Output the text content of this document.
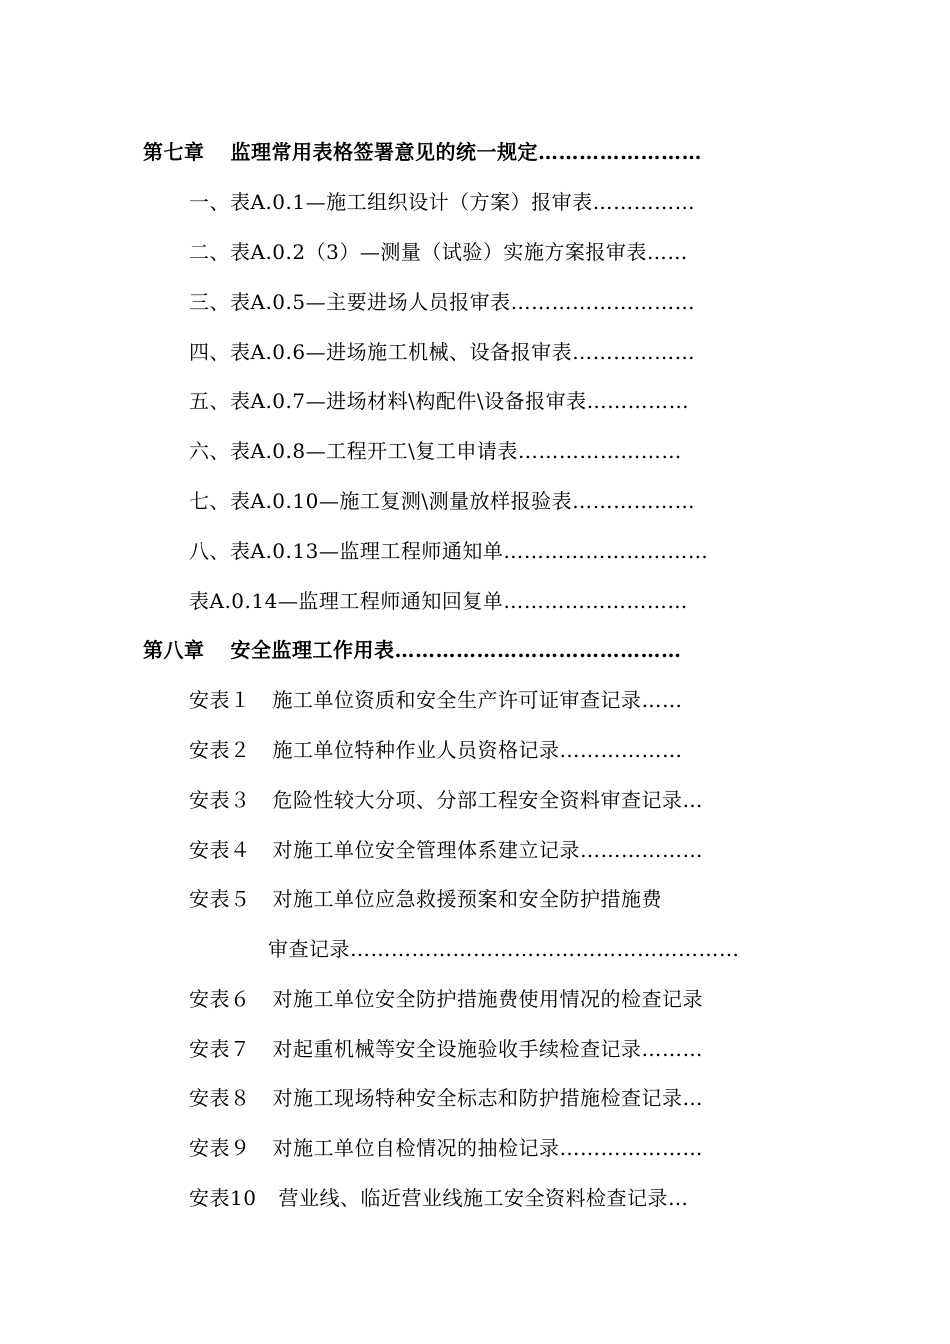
第七章 监理常用表格签署意见的统一规定……………………
一、表A.0.1—施工组织设计（方案）报审表……………
二、表A.0.2（3）—测量（试验）实施方案报审表……
三、表A.0.5—主要进场人员报审表………………………
四、表A.0.6—进场施工机械、设备报审表………………
五、表A.0.7—进场材料\构配件\设备报审表……………
六、表A.0.8—工程开工\复工申请表……………………
七、表A.0.10—施工复测\测量放样报验表………………
八、表A.0.13—监理工程师通知单…………………………
表A.0.14—监理工程师通知回复单………………………
第八章 安全监理工作用表……………………………………
安表１ 施工单位资质和安全生产许可证审查记录……
安表２ 施工单位特种作业人员资格记录………………
安表３ 危险性较大分项、分部工程安全资料审查记录…
安表４ 对施工单位安全管理体系建立记录………………
安表５ 对施工单位应急救援预案和安全防护措施费
审查记录…………………………………………………
安表６ 对施工单位安全防护措施费使用情况的检查记录
安表７ 对起重机械等安全设施验收手续检查记录………
安表８ 对施工现场特种安全标志和防护措施检查记录…
安表９ 对施工单位自检情况的抽检记录…………………
安表10 营业线、临近营业线施工安全资料检查记录…
